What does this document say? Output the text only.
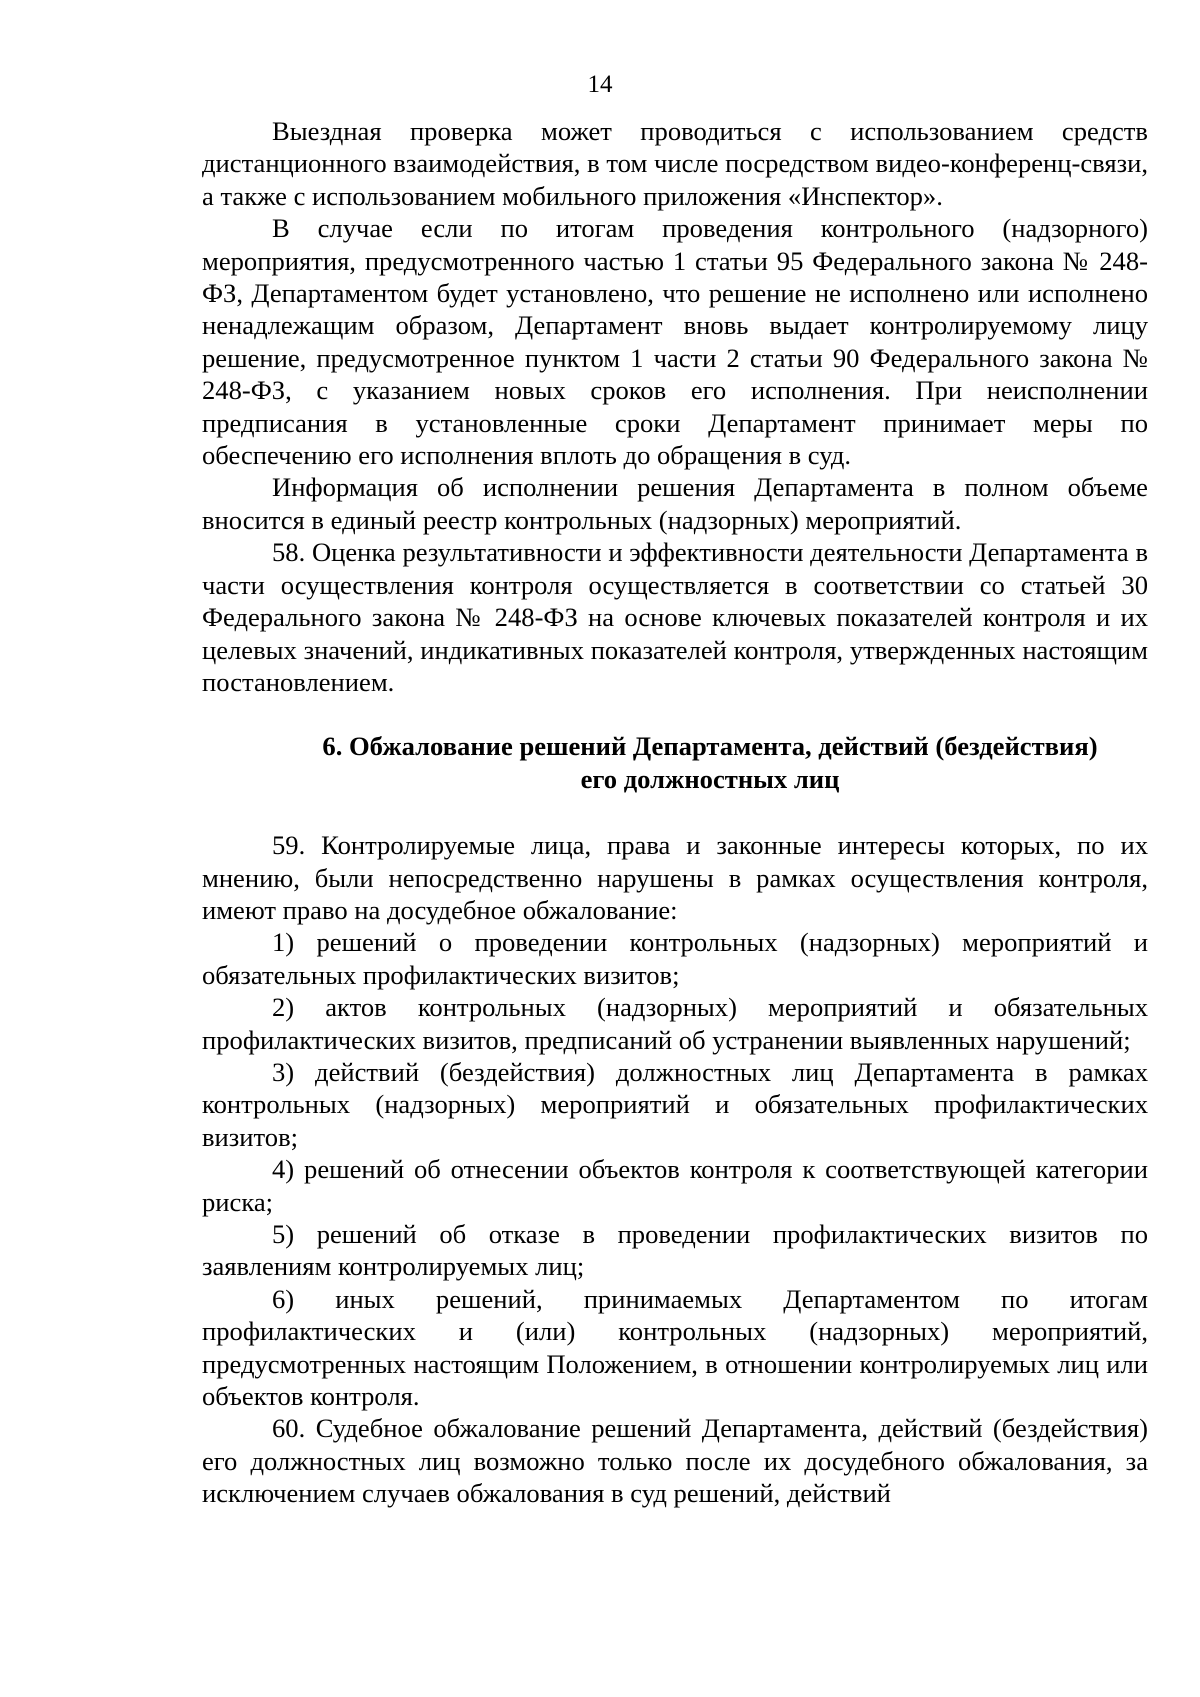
14

Выездная проверка может проводиться с использованием средств дистанционного взаимодействия, в том числе посредством видео-конференц-связи, а также с использованием мобильного приложения «Инспектор».

В случае если по итогам проведения контрольного (надзорного) мероприятия, предусмотренного частью 1 статьи 95 Федерального закона № 248-ФЗ, Департаментом будет установлено, что решение не исполнено или исполнено ненадлежащим образом, Департамент вновь выдает контролируемому лицу решение, предусмотренное пунктом 1 части 2 статьи 90 Федерального закона № 248-ФЗ, с указанием новых сроков его исполнения. При неисполнении предписания в установленные сроки Департамент принимает меры по обеспечению его исполнения вплоть до обращения в суд.

Информация об исполнении решения Департамента в полном объеме вносится в единый реестр контрольных (надзорных) мероприятий.

58. Оценка результативности и эффективности деятельности Департамента в части осуществления контроля осуществляется в соответствии со статьей 30 Федерального закона № 248-ФЗ на основе ключевых показателей контроля и их целевых значений, индикативных показателей контроля, утвержденных настоящим постановлением.

6. Обжалование решений Департамента, действий (бездействия)
его должностных лиц

59. Контролируемые лица, права и законные интересы которых, по их мнению, были непосредственно нарушены в рамках осуществления контроля, имеют право на досудебное обжалование:

1) решений о проведении контрольных (надзорных) мероприятий и обязательных профилактических визитов;

2) актов контрольных (надзорных) мероприятий и обязательных профилактических визитов, предписаний об устранении выявленных нарушений;

3) действий (бездействия) должностных лиц Департамента в рамках контрольных (надзорных) мероприятий и обязательных профилактических визитов;

4) решений об отнесении объектов контроля к соответствующей категории риска;

5) решений об отказе в проведении профилактических визитов по заявлениям контролируемых лиц;

6) иных решений, принимаемых Департаментом по итогам профилактических и (или) контрольных (надзорных) мероприятий, предусмотренных настоящим Положением, в отношении контролируемых лиц или объектов контроля.

60. Судебное обжалование решений Департамента, действий (бездействия) его должностных лиц возможно только после их досудебного обжалования, за исключением случаев обжалования в суд решений, действий
